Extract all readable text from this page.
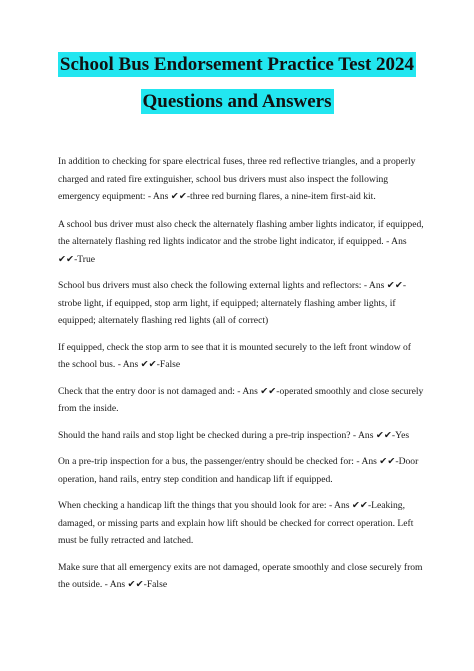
School Bus Endorsement Practice Test 2024
Questions and Answers

In addition to checking for spare electrical fuses, three red reflective triangles, and a properly charged and rated fire extinguisher, school bus drivers must also inspect the following emergency equipment: - Ans ✔✔-three red burning flares, a nine-item first-aid kit.

A school bus driver must also check the alternately flashing amber lights indicator, if equipped, the alternately flashing red lights indicator and the strobe light indicator, if equipped. - Ans ✔✔-True

School bus drivers must also check the following external lights and reflectors: - Ans ✔✔-strobe light, if equipped, stop arm light, if equipped; alternately flashing amber lights, if equipped; alternately flashing red lights (all of correct)

If equipped, check the stop arm to see that it is mounted securely to the left front window of the school bus. - Ans ✔✔-False

Check that the entry door is not damaged and: - Ans ✔✔-operated smoothly and close securely from the inside.

Should the hand rails and stop light be checked during a pre-trip inspection? - Ans ✔✔-Yes

On a pre-trip inspection for a bus, the passenger/entry should be checked for: - Ans ✔✔-Door operation, hand rails, entry step condition and handicap lift if equipped.

When checking a handicap lift the things that you should look for are: - Ans ✔✔-Leaking, damaged, or missing parts and explain how lift should be checked for correct operation. Left must be fully retracted and latched.

Make sure that all emergency exits are not damaged, operate smoothly and close securely from the outside. - Ans ✔✔-False
